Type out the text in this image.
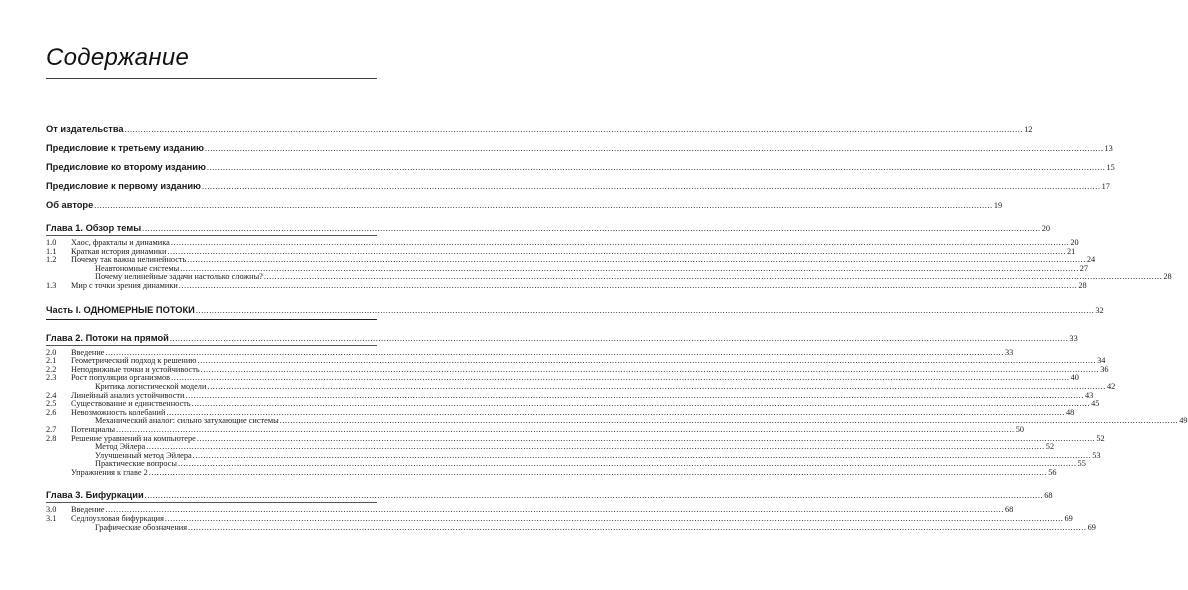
Содержание
От издательства .....	12
Предисловие к третьему изданию .....	13
Предисловие ко второму изданию .....	15
Предисловие к первому изданию .....	17
Об авторе .....	19
Глава 1. Обзор темы .....	20
1.0	Хаос, фракталы и динамика .....	20
1.1	Краткая история динамики .....	21
1.2	Почему так важна нелинейность .....	24
Неавтономные системы .....	27
Почему нелинейные задачи настолько сложны? .....	28
1.3	Мир с точки зрения динамики .....	28
Часть I. ОДНОМЕРНЫЕ ПОТОКИ .....	32
Глава 2. Потоки на прямой .....	33
2.0	Введение .....	33
2.1	Геометрический подход к решению .....	34
2.2	Неподвижные точки и устойчивость .....	36
2.3	Рост популяции организмов .....	40
Критика логистической модели .....	42
2.4	Линейный анализ устойчивости .....	43
2.5	Существование и единственность .....	45
2.6	Невозможность колебаний .....	48
Механический аналог: сильно затухающие системы .....	49
2.7	Потенциалы .....	50
2.8	Решение уравнений на компьютере .....	52
Метод Эйлера .....	52
Улучшенный метод Эйлера .....	53
Практические вопросы .....	55
Упражнения к главе 2 .....	56
Глава 3. Бифуркации .....	68
3.0	Введение .....	68
3.1	Седлоузловая бифуркация .....	69
Графические обозначения .....	69
